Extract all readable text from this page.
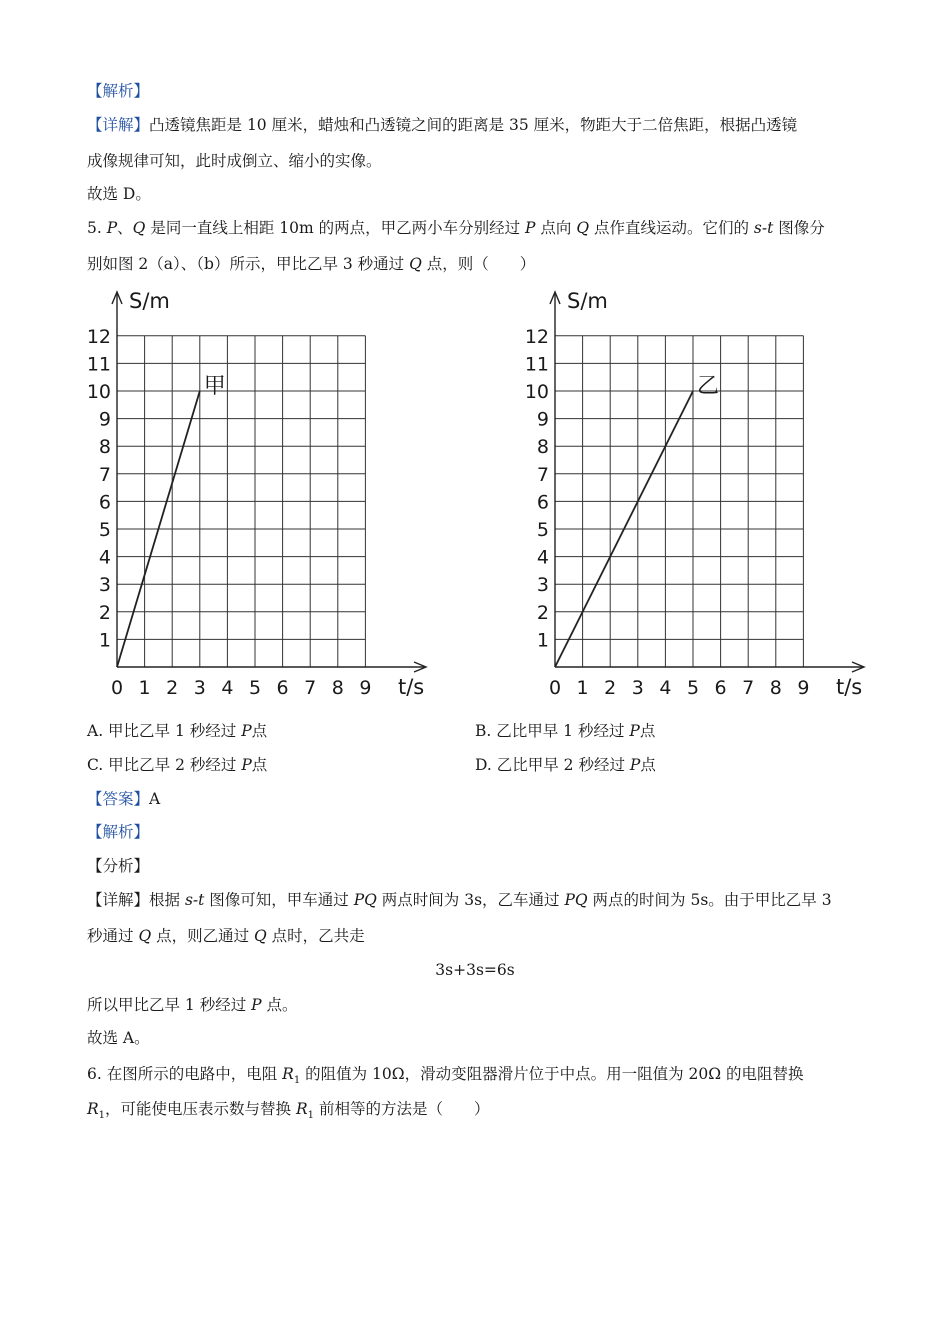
【解析】
【详解】凸透镜焦距是 10 厘米，蜡烛和凸透镜之间的距离是 35 厘米，物距大于二倍焦距，根据凸透镜
成像规律可知，此时成倒立、缩小的实像。
故选 D。
5. P、Q 是同一直线上相距 10m 的两点，甲乙两小车分别经过 P 点向 Q 点作直线运动。它们的 s-t 图像分
别如图 2（a）、（b）所示，甲比乙早 3 秒通过 Q 点，则（　　）
S/m
t/s
0 1 2 3 4 5 6 7 8 9
1
2
3
4
5
6
7
8
9
10
11
12
甲
S/m
t/s
0 1 2 3 4 5 6 7 8 9
1
2
3
4
5
6
7
8
9
10
11
12
乙
A. 甲比乙早 1 秒经过 P点	B. 乙比甲早 1 秒经过 P点
C. 甲比乙早 2 秒经过 P点	D. 乙比甲早 2 秒经过 P点
【答案】A
【解析】
【分析】
【详解】根据 s-t 图像可知，甲车通过 PQ 两点时间为 3s，乙车通过 PQ 两点的时间为 5s。由于甲比乙早 3
秒通过 Q 点，则乙通过 Q 点时，乙共走
3s+3s=6s
所以甲比乙早 1 秒经过 P 点。
故选 A。
6. 在图所示的电路中，电阻 $R_1$ 的阻值为 10Ω，滑动变阻器滑片位于中点。用一阻值为 20Ω 的电阻替换
$R_1$，可能使电压表示数与替换 $R_1$ 前相等的方法是（　　）
